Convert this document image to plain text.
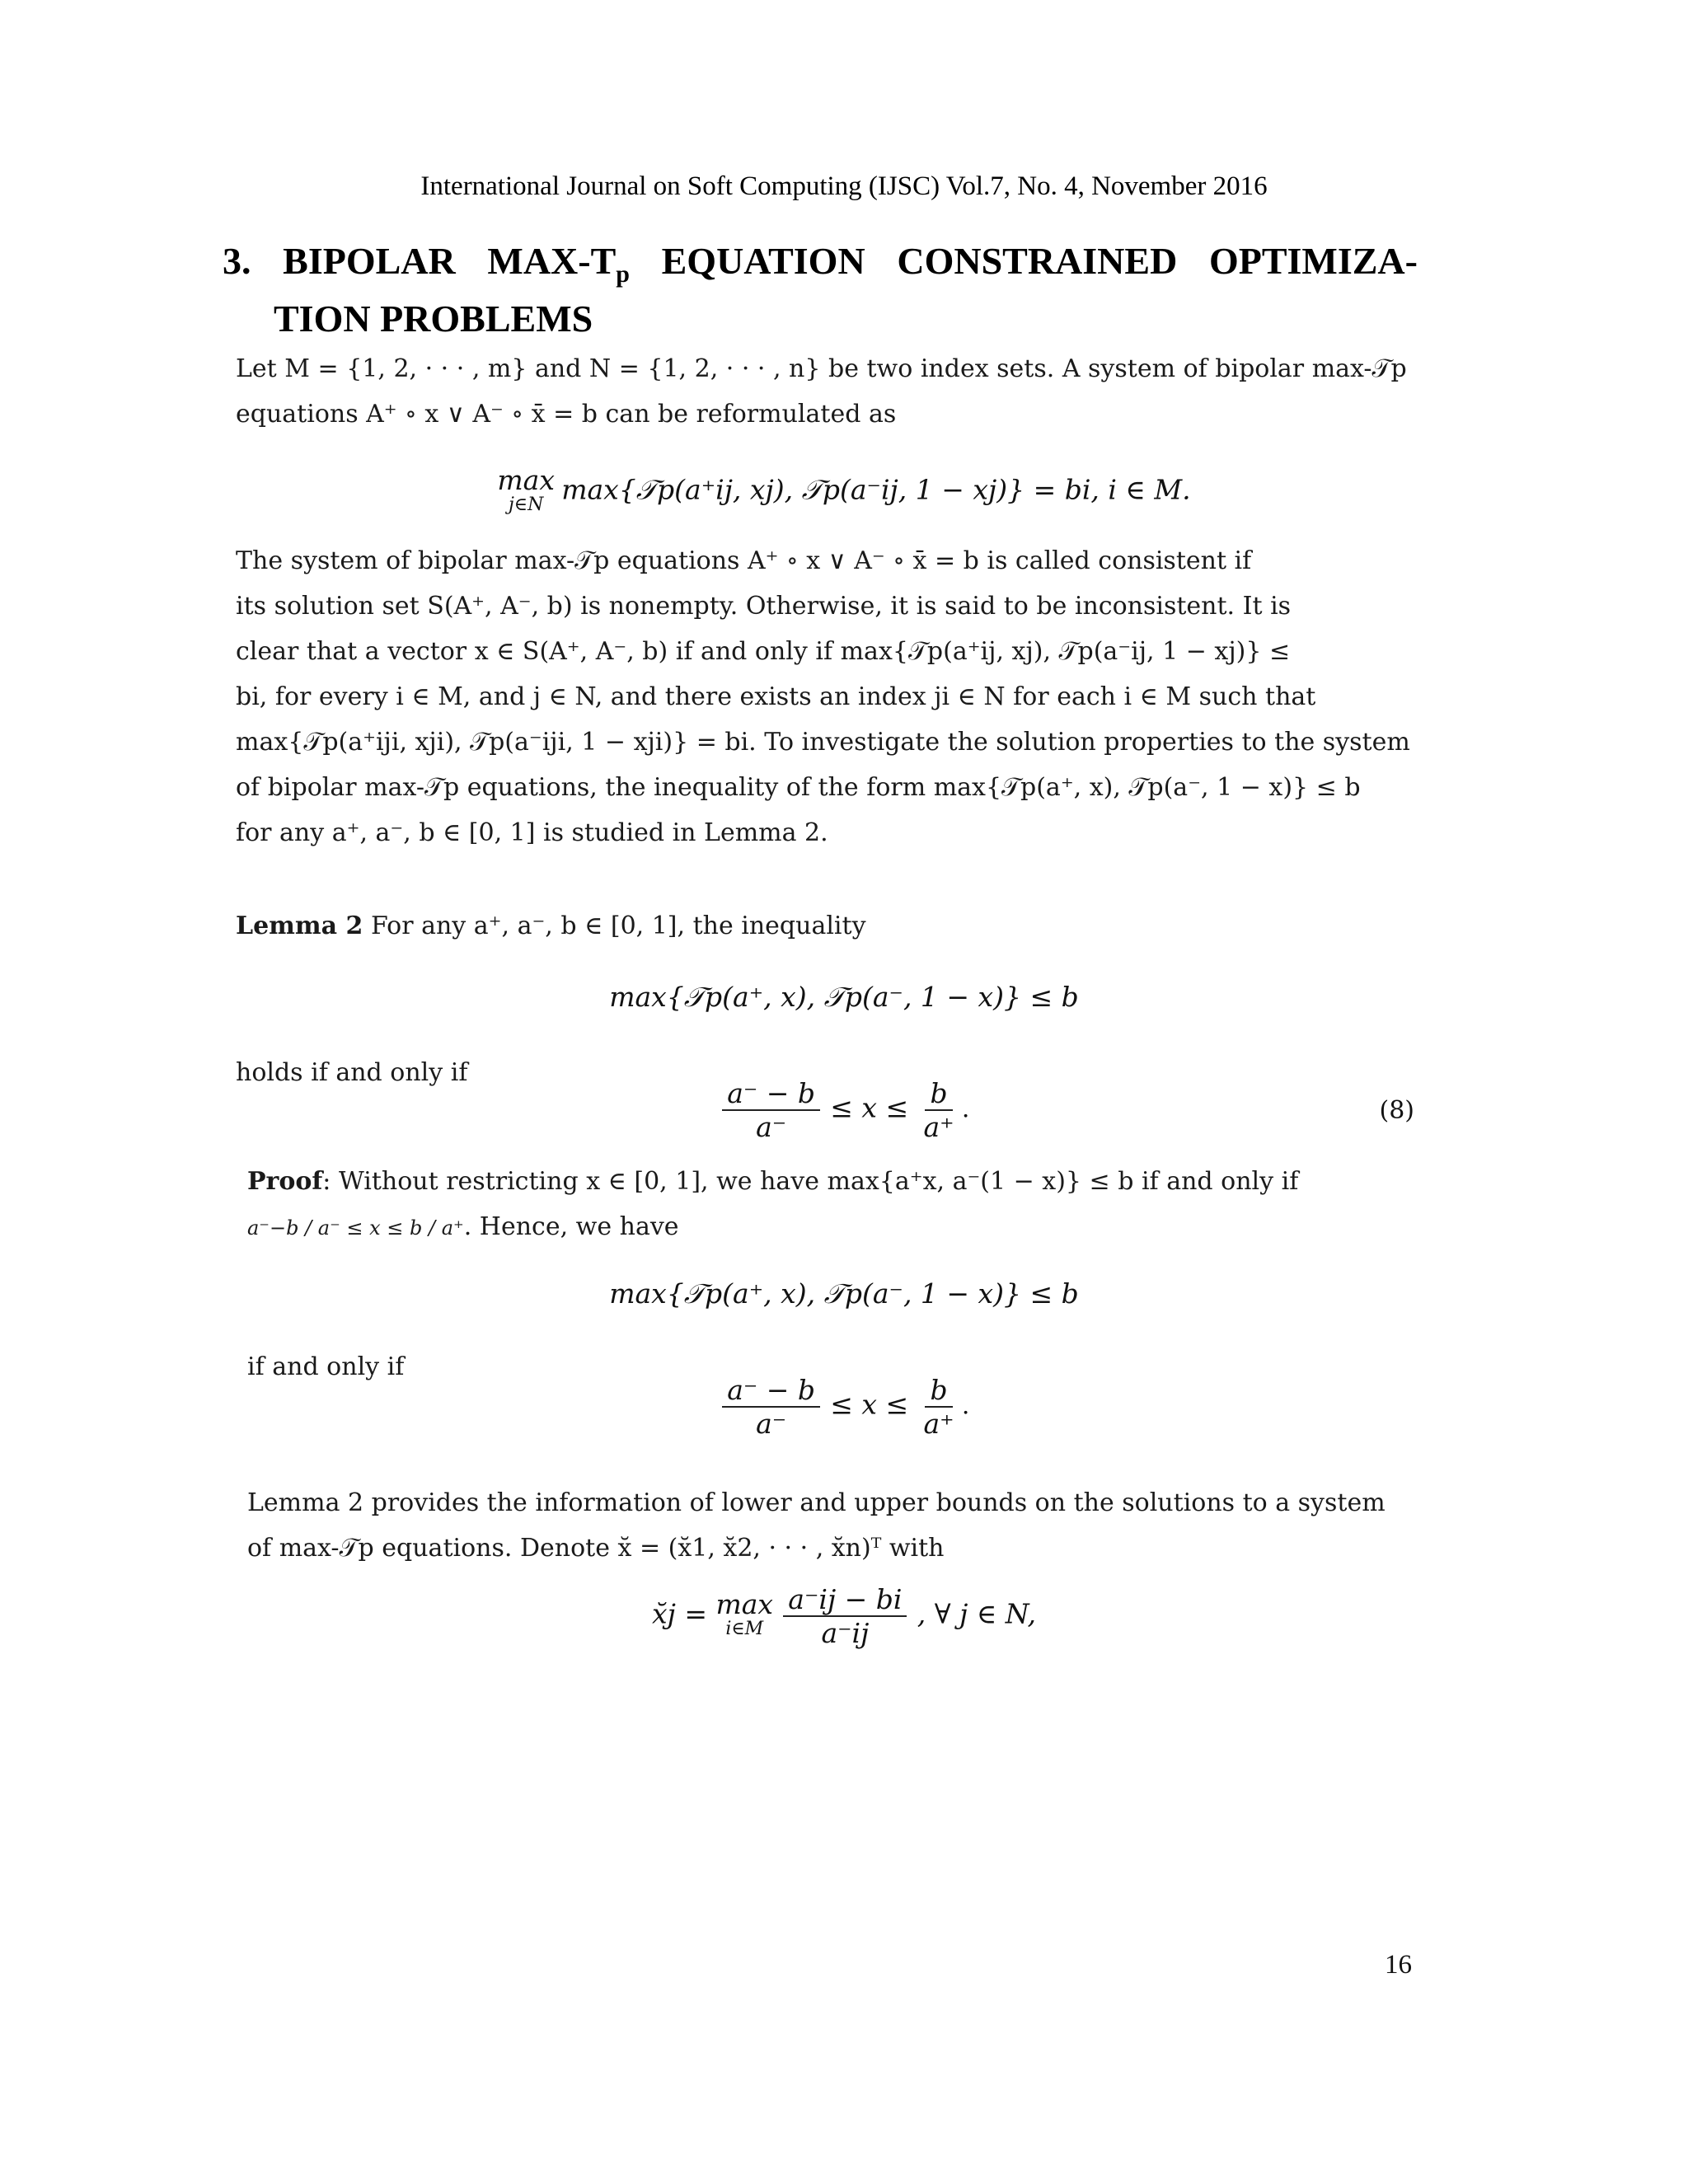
International Journal on Soft Computing (IJSC) Vol.7, No. 4, November 2016
3. BIPOLAR MAX-$T_p$ EQUATION CONSTRAINED OPTIMIZA-
TION PROBLEMS
Let M = {1, 2, · · · , m} and N = {1, 2, · · · , n} be two index sets. A system of bipolar max-𝒯p
equations A⁺ ∘ x ∨ A⁻ ∘ x̄ = b can be reformulated as
max
j∈N max{𝒯p(a⁺ij, xj), 𝒯p(a⁻ij, 1 − xj)} = bi, i ∈ M.
The system of bipolar max-𝒯p equations A⁺ ∘ x ∨ A⁻ ∘ x̄ = b is called consistent if
its solution set S(A⁺, A⁻, b) is nonempty. Otherwise, it is said to be inconsistent. It is
clear that a vector x ∈ S(A⁺, A⁻, b) if and only if max{𝒯p(a⁺ij, xj), 𝒯p(a⁻ij, 1 − xj)} ≤
bi, for every i ∈ M, and j ∈ N, and there exists an index ji ∈ N for each i ∈ M such that
max{𝒯p(a⁺iji, xji), 𝒯p(a⁻iji, 1 − xji)} = bi. To investigate the solution properties to the system
of bipolar max-𝒯p equations, the inequality of the form max{𝒯p(a⁺, x), 𝒯p(a⁻, 1 − x)} ≤ b
for any a⁺, a⁻, b ∈ [0, 1] is studied in Lemma 2.
Lemma 2 For any a⁺, a⁻, b ∈ [0, 1], the inequality
max{𝒯p(a⁺, x), 𝒯p(a⁻, 1 − x)} ≤ b
holds if and only if
$\frac{a^- - b}{a^-} \le x \le \frac{b}{a^+}$ .	(8)
Proof: Without restricting x ∈ [0, 1], we have max{a⁺x, a⁻(1 − x)} ≤ b if and only if
a⁻−b / a⁻ ≤ x ≤ b / a⁺. Hence, we have
max{𝒯p(a⁺, x), 𝒯p(a⁻, 1 − x)} ≤ b
if and only if
$\frac{a^- - b}{a^-} \le x \le \frac{b}{a^+}$ .
Lemma 2 provides the information of lower and upper bounds on the solutions to a system
of max-𝒯p equations. Denote x̆ = (x̆1, x̆2, · · · , x̆n)ᵀ with
x̆j = max
i∈M
$\frac{a^-ij - bi}{a^-ij}$ , ∀ j ∈ N,
16
